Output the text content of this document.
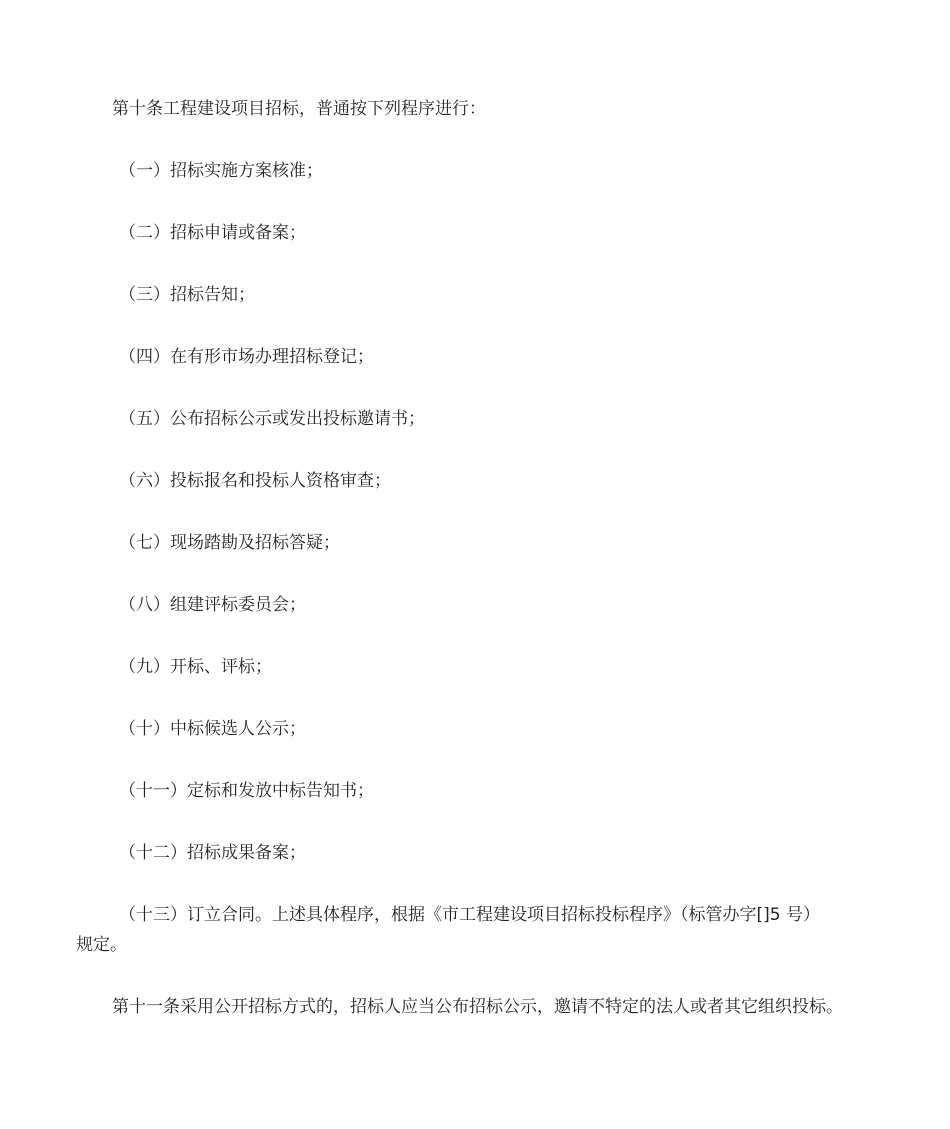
第十条工程建设项目招标，普通按下列程序进行：

（一）招标实施方案核准；

（二）招标申请或备案；

（三）招标告知；

（四）在有形市场办理招标登记；

（五）公布招标公示或发出投标邀请书；

（六）投标报名和投标人资格审查；

（七）现场踏勘及招标答疑；

（八）组建评标委员会；

（九）开标、评标；

（十）中标候选人公示；

（十一）定标和发放中标告知书；

（十二）招标成果备案；

（十三）订立合同。上述具体程序，根据《市工程建设项目招标投标程序》（标管办字[]5 号）

规定。

第十一条采用公开招标方式的，招标人应当公布招标公示，邀请不特定的法人或者其它组织投标。
